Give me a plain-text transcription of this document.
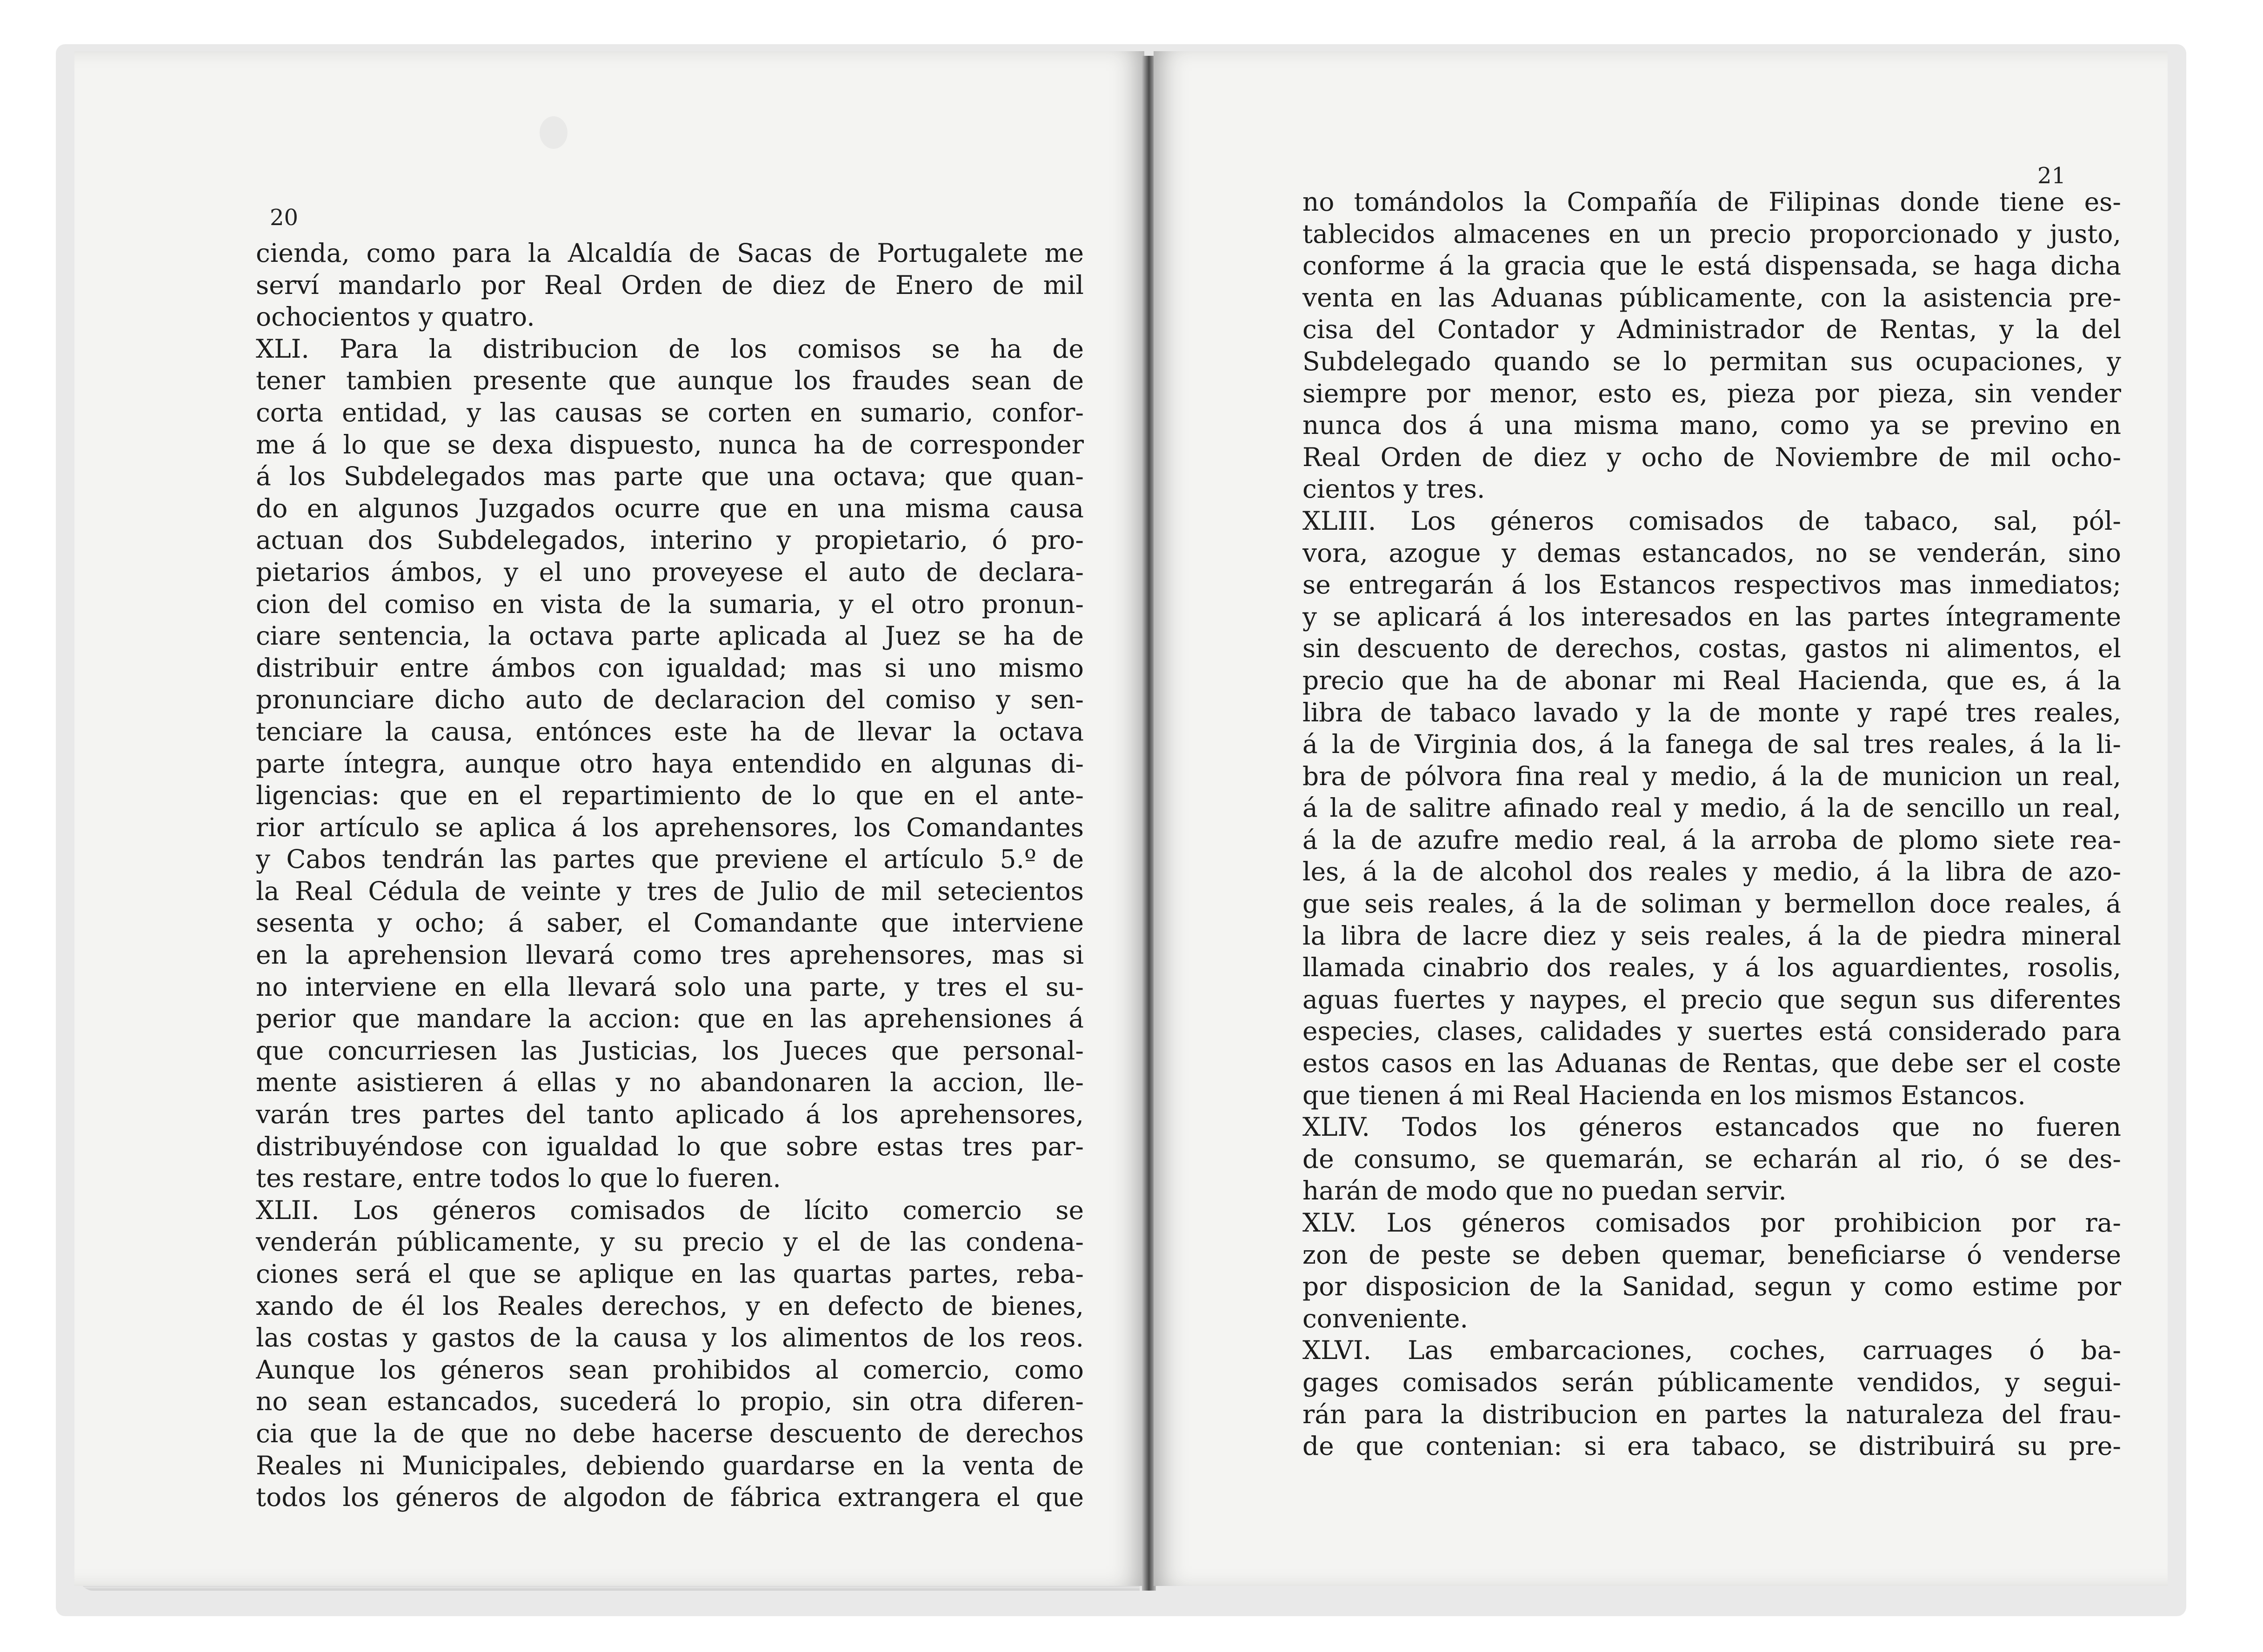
20
cienda, como para la Alcaldía de Sacas de Portugalete me
serví mandarlo por Real Orden de diez de Enero de mil
ochocientos y quatro.
XLI. Para la distribucion de los comisos se ha de
tener tambien presente que aunque los fraudes sean de
corta entidad, y las causas se corten en sumario, confor-
me á lo que se dexa dispuesto, nunca ha de corresponder
á los Subdelegados mas parte que una octava; que quan-
do en algunos Juzgados ocurre que en una misma causa
actuan dos Subdelegados, interino y propietario, ó pro-
pietarios ámbos, y el uno proveyese el auto de declara-
cion del comiso en vista de la sumaria, y el otro pronun-
ciare sentencia, la octava parte aplicada al Juez se ha de
distribuir entre ámbos con igualdad; mas si uno mismo
pronunciare dicho auto de declaracion del comiso y sen-
tenciare la causa, entónces este ha de llevar la octava
parte íntegra, aunque otro haya entendido en algunas di-
ligencias: que en el repartimiento de lo que en el ante-
rior artículo se aplica á los aprehensores, los Comandantes
y Cabos tendrán las partes que previene el artículo 5.º de
la Real Cédula de veinte y tres de Julio de mil setecientos
sesenta y ocho; á saber, el Comandante que interviene
en la aprehension llevará como tres aprehensores, mas si
no interviene en ella llevará solo una parte, y tres el su-
perior que mandare la accion: que en las aprehensiones á
que concurriesen las Justicias, los Jueces que personal-
mente asistieren á ellas y no abandonaren la accion, lle-
varán tres partes del tanto aplicado á los aprehensores,
distribuyéndose con igualdad lo que sobre estas tres par-
tes restare, entre todos lo que lo fueren.
XLII. Los géneros comisados de lícito comercio se
venderán públicamente, y su precio y el de las condena-
ciones será el que se aplique en las quartas partes, reba-
xando de él los Reales derechos, y en defecto de bienes,
las costas y gastos de la causa y los alimentos de los reos.
Aunque los géneros sean prohibidos al comercio, como
no sean estancados, sucederá lo propio, sin otra diferen-
cia que la de que no debe hacerse descuento de derechos
Reales ni Municipales, debiendo guardarse en la venta de
todos los géneros de algodon de fábrica extrangera el que
21
no tomándolos la Compañía de Filipinas donde tiene es-
tablecidos almacenes en un precio proporcionado y justo,
conforme á la gracia que le está dispensada, se haga dicha
venta en las Aduanas públicamente, con la asistencia pre-
cisa del Contador y Administrador de Rentas, y la del
Subdelegado quando se lo permitan sus ocupaciones, y
siempre por menor, esto es, pieza por pieza, sin vender
nunca dos á una misma mano, como ya se previno en
Real Orden de diez y ocho de Noviembre de mil ocho-
cientos y tres.
XLIII. Los géneros comisados de tabaco, sal, pól-
vora, azogue y demas estancados, no se venderán, sino
se entregarán á los Estancos respectivos mas inmediatos;
y se aplicará á los interesados en las partes íntegramente
sin descuento de derechos, costas, gastos ni alimentos, el
precio que ha de abonar mi Real Hacienda, que es, á la
libra de tabaco lavado y la de monte y rapé tres reales,
á la de Virginia dos, á la fanega de sal tres reales, á la li-
bra de pólvora fina real y medio, á la de municion un real,
á la de salitre afinado real y medio, á la de sencillo un real,
á la de azufre medio real, á la arroba de plomo siete rea-
les, á la de alcohol dos reales y medio, á la libra de azo-
gue seis reales, á la de soliman y bermellon doce reales, á
la libra de lacre diez y seis reales, á la de piedra mineral
llamada cinabrio dos reales, y á los aguardientes, rosolis,
aguas fuertes y naypes, el precio que segun sus diferentes
especies, clases, calidades y suertes está considerado para
estos casos en las Aduanas de Rentas, que debe ser el coste
que tienen á mi Real Hacienda en los mismos Estancos.
XLIV. Todos los géneros estancados que no fueren
de consumo, se quemarán, se echarán al rio, ó se des-
harán de modo que no puedan servir.
XLV. Los géneros comisados por prohibicion por ra-
zon de peste se deben quemar, beneficiarse ó venderse
por disposicion de la Sanidad, segun y como estime por
conveniente.
XLVI. Las embarcaciones, coches, carruages ó ba-
gages comisados serán públicamente vendidos, y segui-
rán para la distribucion en partes la naturaleza del frau-
de que contenian: si era tabaco, se distribuirá su pre-
